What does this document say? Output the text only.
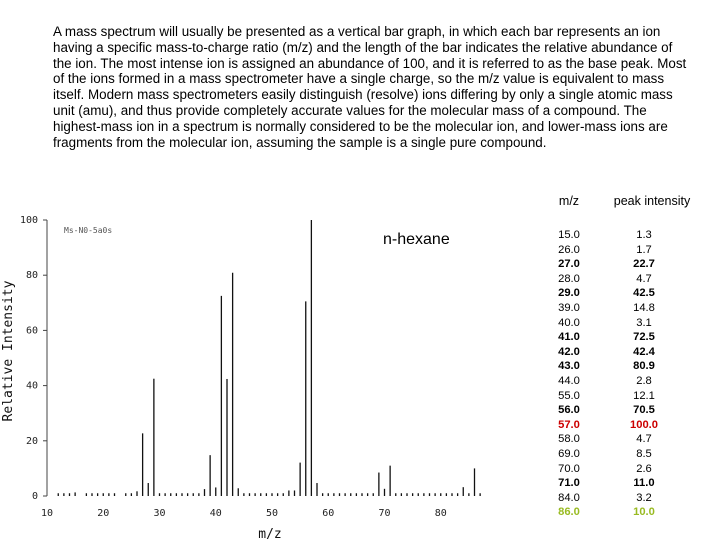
A mass spectrum will usually be presented as a vertical bar graph, in which each bar represents an ion having a specific mass-to-charge ratio (m/z) and the length of the bar indicates the relative abundance of the ion. The most intense ion is assigned an abundance of 100, and it is referred to as the base peak. Most of the ions formed in a mass spectrometer have a single charge, so the m/z value is equivalent to mass itself. Modern mass spectrometers easily distinguish (resolve) ions differing by only a single atomic mass unit (amu), and thus provide completely accurate values for the molecular mass of a compound. The highest-mass ion in a spectrum is normally considered to be the molecular ion, and lower-mass ions are fragments from the molecular ion, assuming the sample is a single pure compound.

0
20
40
60
80
100
10	20	30	40	50	60	70	80
m/z
Relative Intensity
Ms-N0-5a0s
n-hexane
m/z	peak intensity
15.0	1.3
26.0	1.7
27.0	22.7
28.0	4.7
29.0	42.5
39.0	14.8
40.0	3.1
41.0	72.5
42.0	42.4
43.0	80.9
44.0	2.8
55.0	12.1
56.0	70.5
57.0	100.0
58.0	4.7
69.0	8.5
70.0	2.6
71.0	11.0
84.0	3.2
86.0	10.0
